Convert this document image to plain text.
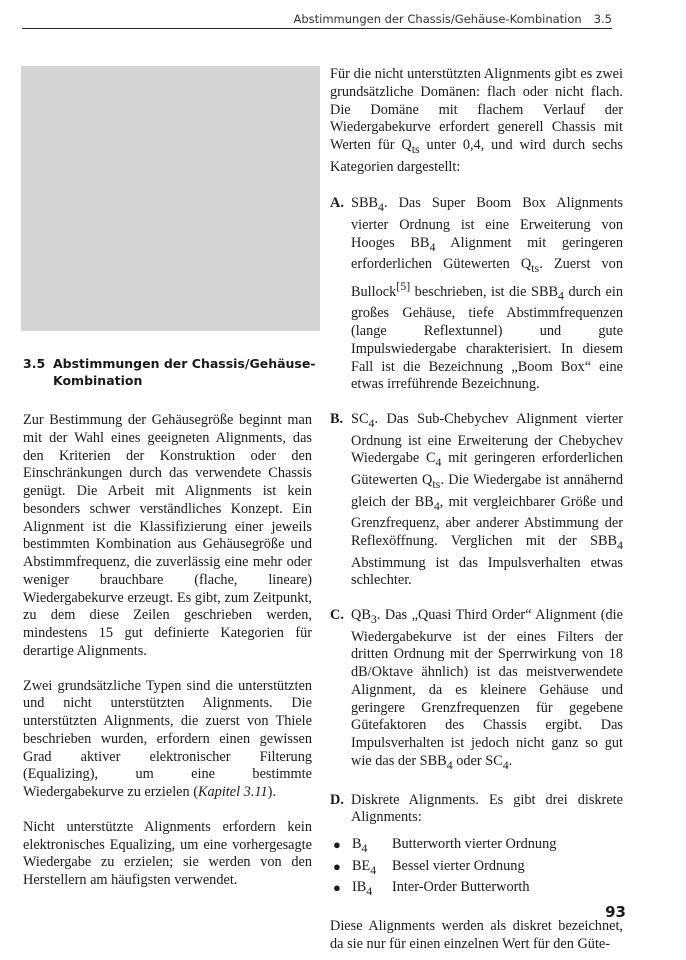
Abstimmungen der Chassis/Gehäuse-Kombination 3.5
3.5 Abstimmungen der Chassis/Gehäuse-
Kombination

Zur Bestimmung der Gehäusegröße beginnt man mit der Wahl eines geeigneten Alignments, das den Kriterien der Konstruktion oder den Einschränkungen durch das verwendete Chassis genügt. Die Arbeit mit Alignments ist kein besonders schwer verständliches Konzept. Ein Alignment ist die Klassifizierung einer jeweils bestimmten Kombination aus Gehäusegröße und Abstimmfrequenz, die zuverlässig eine mehr oder weniger brauchbare (flache, lineare) Wiedergabekurve erzeugt. Es gibt, zum Zeitpunkt, zu dem diese Zeilen geschrieben werden, mindestens 15 gut definierte Kategorien für derartige Alignments.

Zwei grundsätzliche Typen sind die unterstützten und nicht unterstützten Alignments. Die unterstützten Alignments, die zuerst von Thiele beschrieben wurden, erfordern einen gewissen Grad aktiver elektronischer Filterung (Equalizing), um eine bestimmte Wiedergabekurve zu erzielen (Kapitel 3.11).

Nicht unterstützte Alignments erfordern kein elektronisches Equalizing, um eine vorhergesagte Wiedergabe zu erzielen; sie werden von den Herstellern am häufigsten verwendet.

Für die nicht unterstützten Alignments gibt es zwei grundsätzliche Domänen: flach oder nicht flach. Die Domäne mit flachem Verlauf der Wiedergabekurve erfordert generell Chassis mit Werten für $Q_{ts}$ unter 0,4, und wird durch sechs Kategorien dargestellt:

A. $SBB_4$. Das Super Boom Box Alignments vierter Ordnung ist eine Erweiterung von Hooges $BB_4$ Alignment mit geringeren erforderlichen Gütewerten $Q_{ts}$. Zuerst von Bullock[5] beschrieben, ist die $SBB_4$ durch ein großes Gehäuse, tiefe Abstimmfrequenzen (lange Reflextunnel) und gute Impulswiedergabe charakterisiert. In diesem Fall ist die Bezeichnung „Boom Box“ eine etwas irreführende Bezeichnung.

B. $SC_4$. Das Sub-Chebychev Alignment vierter Ordnung ist eine Erweiterung der Chebychev Wiedergabe $C_4$ mit geringeren erforderlichen Gütewerten $Q_{ts}$. Die Wiedergabe ist annähernd gleich der $BB_4$, mit vergleichbarer Größe und Grenzfrequenz, aber anderer Abstimmung der Reflexöffnung. Verglichen mit der $SBB_4$ Abstimmung ist das Impulsverhalten etwas schlechter.

C. $QB_3$. Das „Quasi Third Order“ Alignment (die Wiedergabekurve ist der eines Filters der dritten Ordnung mit der Sperrwirkung von 18 dB/Oktave ähnlich) ist das meistverwendete Alignment, da es kleinere Gehäuse und geringere Grenzfrequenzen für gegebene Gütefaktoren des Chassis ergibt. Das Impulsverhalten ist jedoch nicht ganz so gut wie das der $SBB_4$ oder $SC_4$.

D. Diskrete Alignments. Es gibt drei diskrete Alignments:

● $B_4$ Butterworth vierter Ordnung
● $BE_4$ Bessel vierter Ordnung
● $IB_4$ Inter-Order Butterworth

Diese Alignments werden als diskret bezeichnet, da sie nur für einen einzelnen Wert für den Güte-

93
